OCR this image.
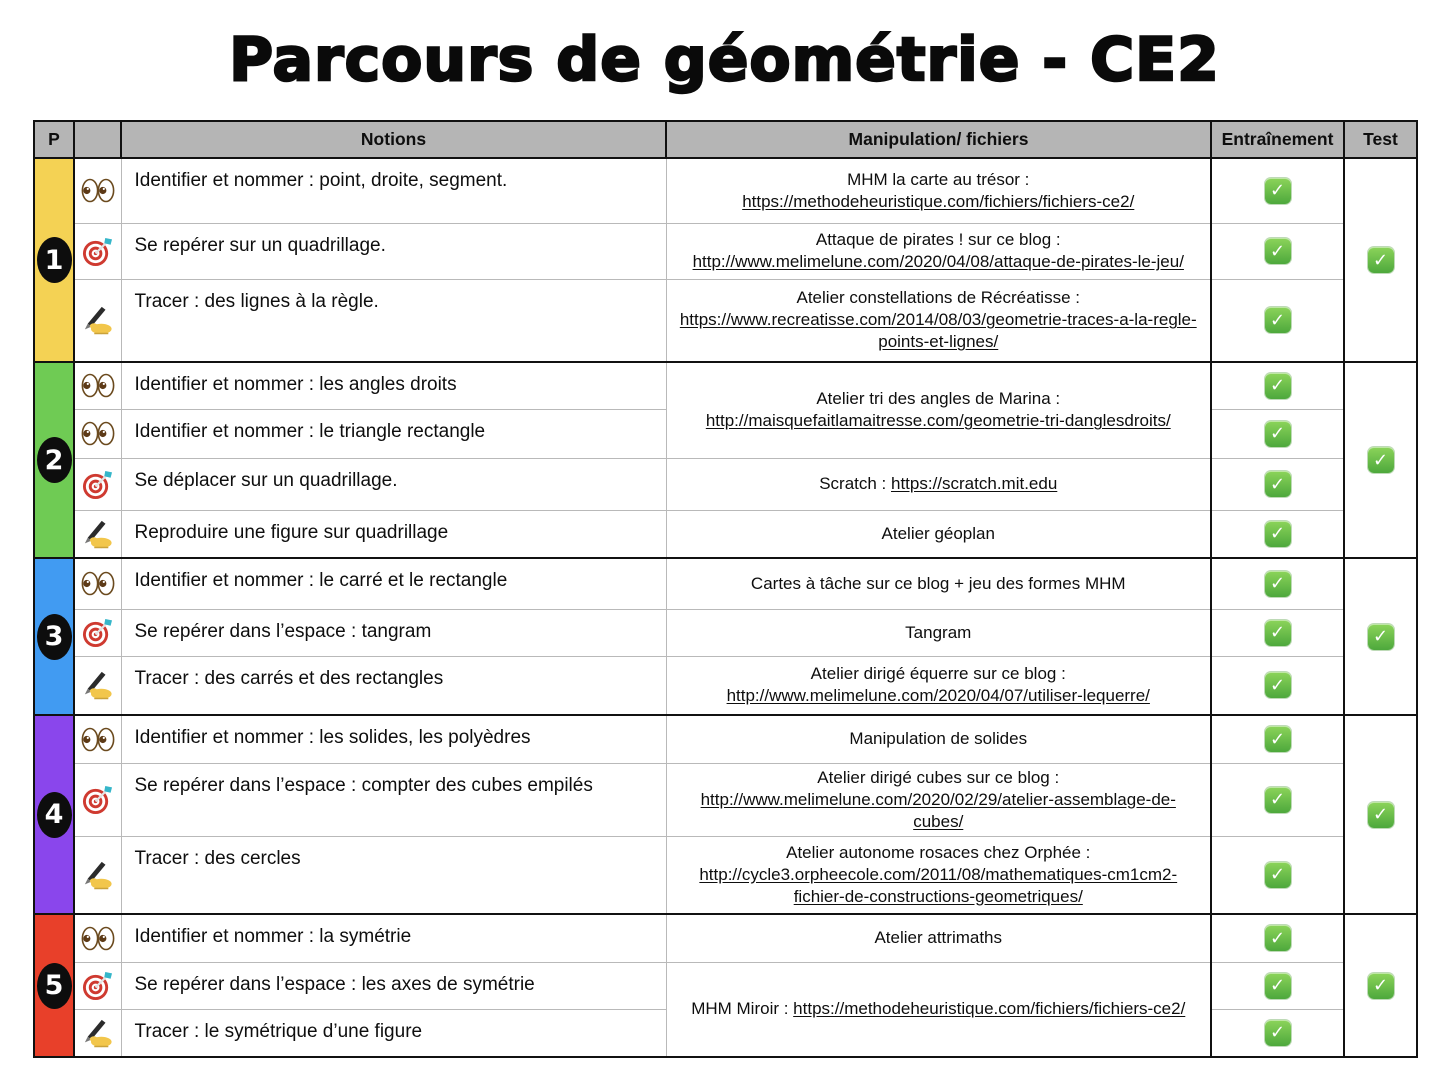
Parcours de géométrie - CE2
P		Notions	Manipulation/ fichiers	Entraînement	Test

1		Identifier et nommer : point, droite, segment.	MHM la carte au trésor : https://methodeheuristique.com/fichiers/fichiers-ce2/	✓	✓
	Se repérer sur un quadrillage.	Attaque de pirates ! sur ce blog : http://www.melimelune.com/2020/04/08/attaque-de-pirates-le-jeu/	✓	
	Tracer : des lignes à la règle.	Atelier constellations de Récréatisse : https://www.recreatisse.com/2014/08/03/geometrie-traces-a-la-regle-points-et-lignes/	✓	

2		Identifier et nommer : les angles droits	Atelier tri des angles de Marina : http://maisquefaitlamaitresse.com/geometrie-tri-danglesdroits/	✓	✓
	Identifier et nommer : le triangle rectangle		✓	
	Se déplacer sur un quadrillage.	Scratch : https://scratch.mit.edu	✓	
	Reproduire une figure sur quadrillage	Atelier géoplan	✓	

3		Identifier et nommer : le carré et le rectangle	Cartes à tâche sur ce blog + jeu des formes MHM	✓	✓
	Se repérer dans l’espace : tangram	Tangram	✓	
	Tracer : des carrés et des rectangles	Atelier dirigé équerre sur ce blog : http://www.melimelune.com/2020/04/07/utiliser-lequerre/	✓	

4		Identifier et nommer : les solides, les polyèdres	Manipulation de solides	✓	✓
	Se repérer dans l’espace : compter des cubes empilés	Atelier dirigé cubes sur ce blog : http://www.melimelune.com/2020/02/29/atelier-assemblage-de-cubes/	✓	
	Tracer : des cercles	Atelier autonome rosaces chez Orphée : http://cycle3.orpheecole.com/2011/08/mathematiques-cm1cm2-fichier-de-constructions-geometriques/	✓	

5		Identifier et nommer : la symétrie	Atelier attrimaths	✓	✓
	Se repérer dans l’espace : les axes de symétrie	MHM Miroir : https://methodeheuristique.com/fichiers/fichiers-ce2/	✓	
	Tracer : le symétrique d’une figure		✓	
